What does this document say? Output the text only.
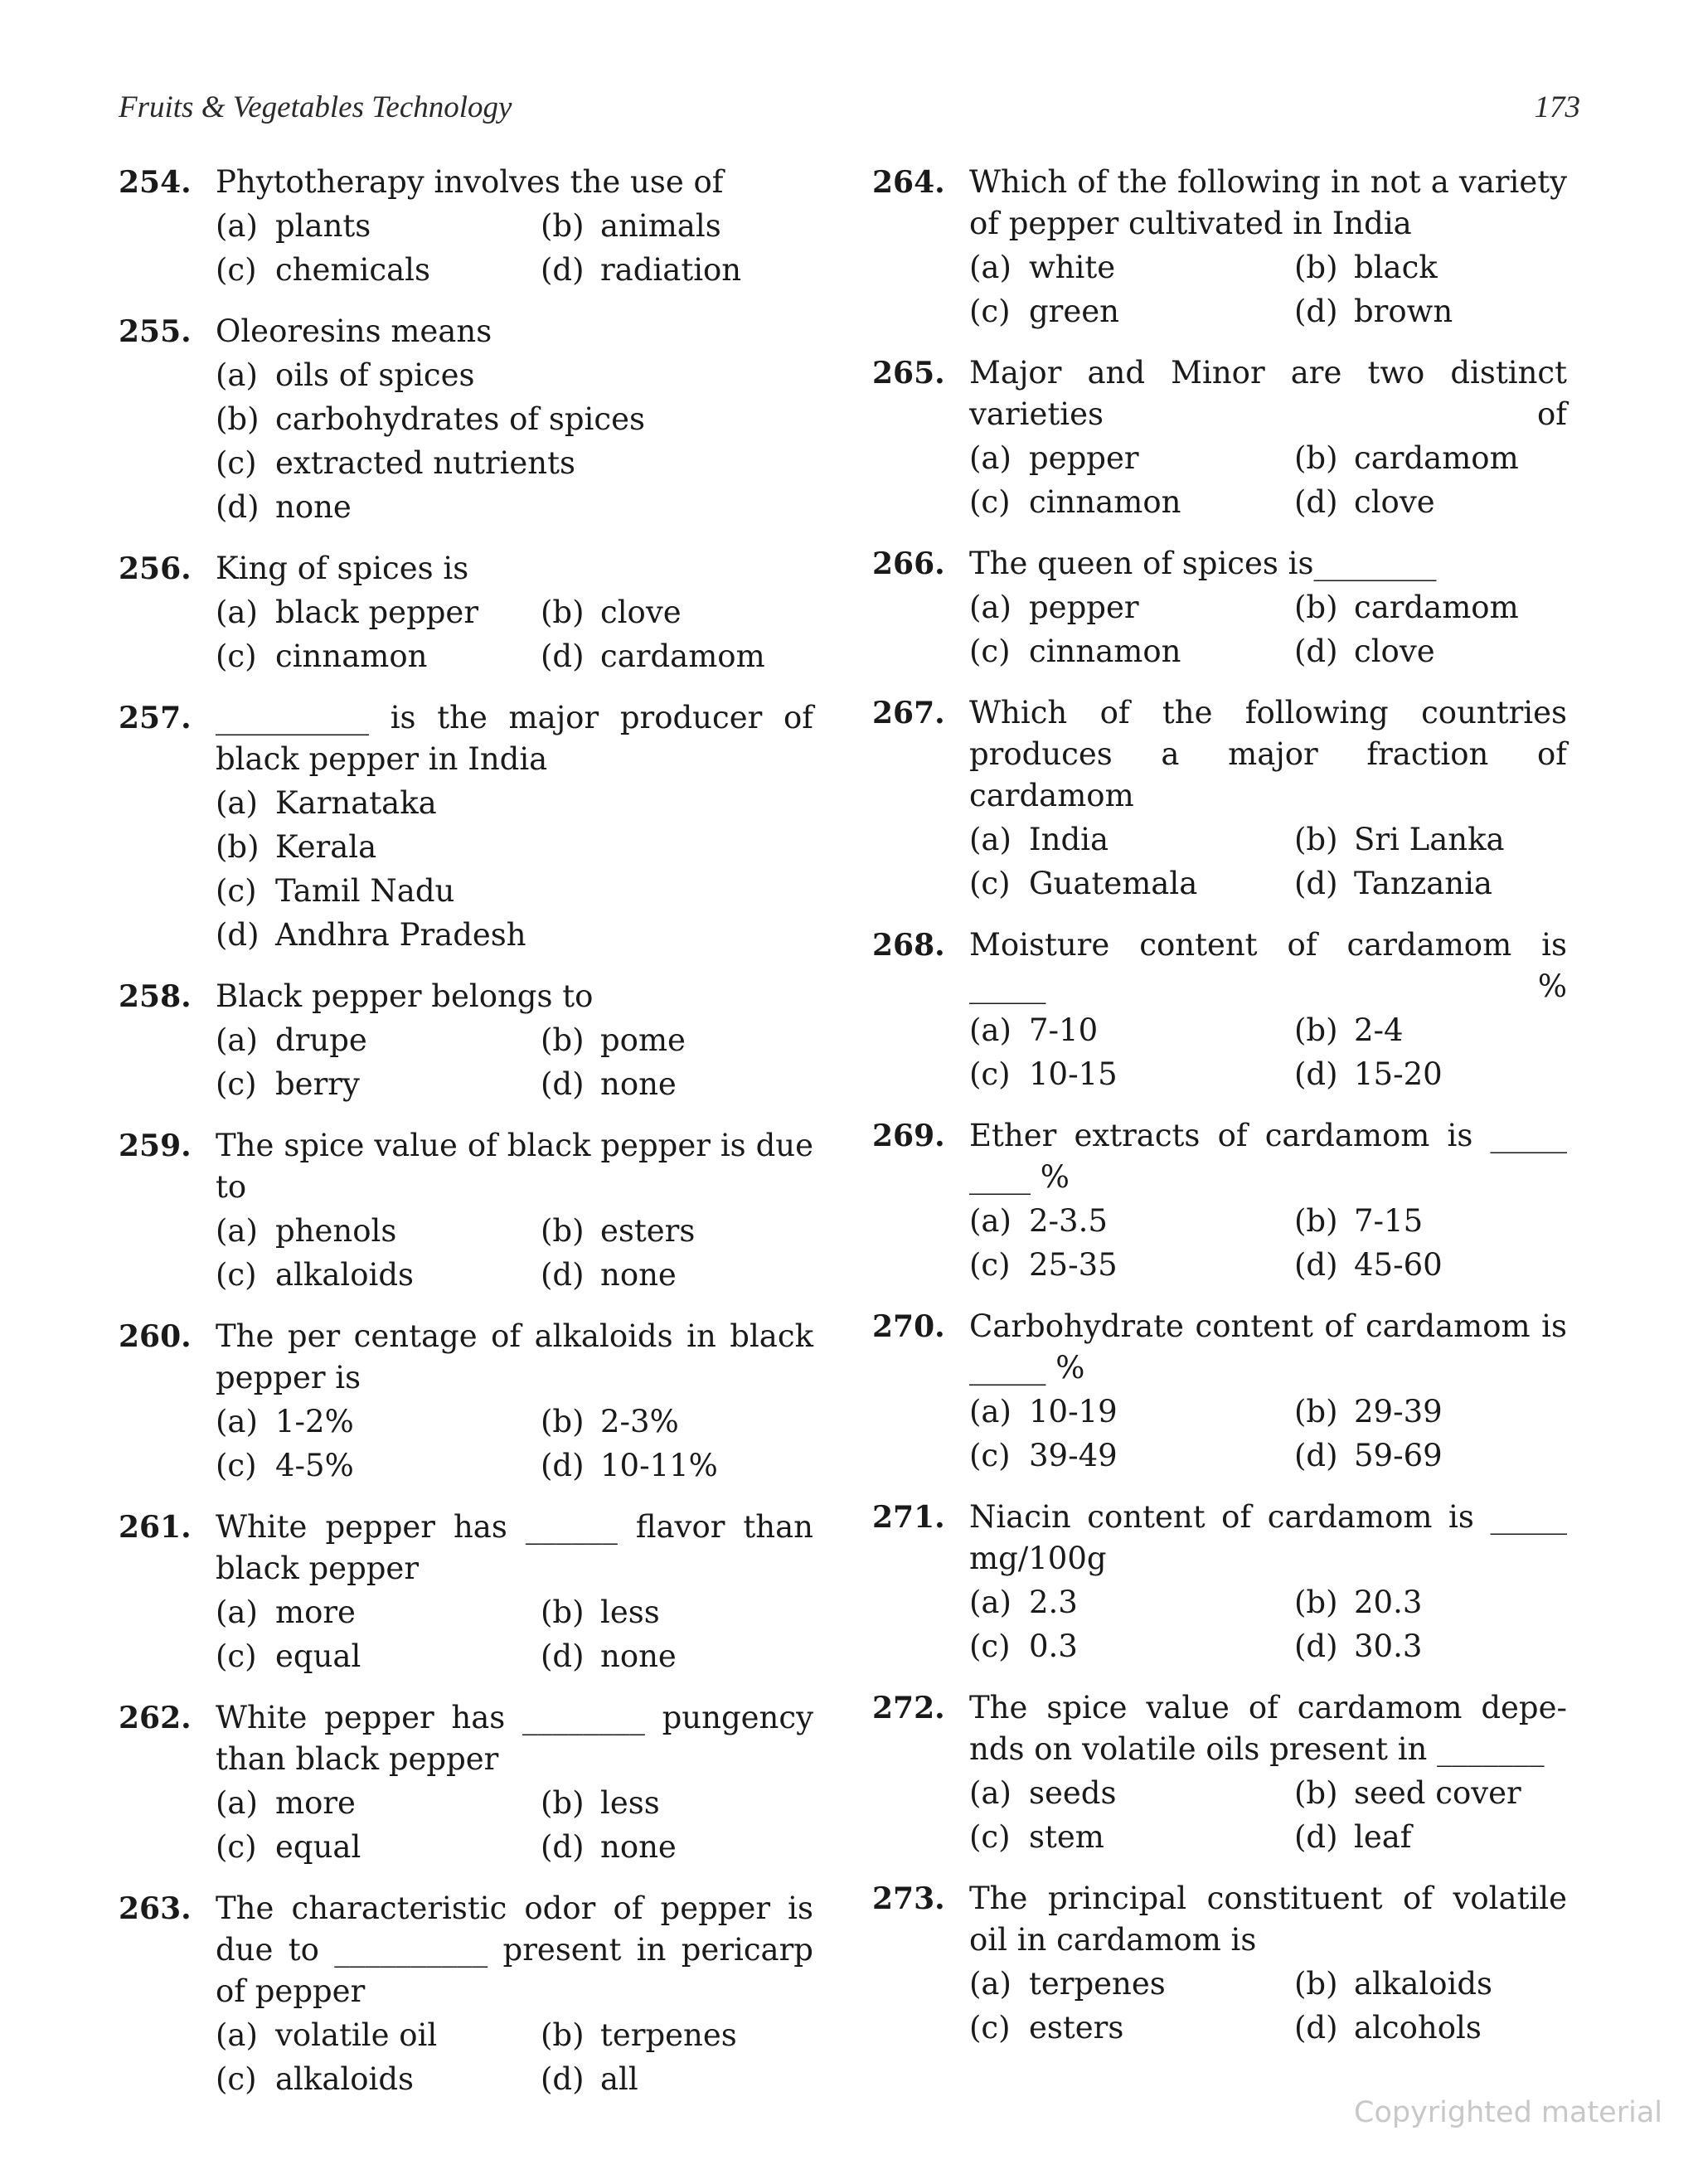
Fruits & Vegetables Technology	173
254. Phytotherapy involves the use of
(a) plants	(b) animals
(c) chemicals	(d) radiation
255. Oleoresins means
(a) oils of spices
(b) carbohydrates of spices
(c) extracted nutrients
(d) none
256. King of spices is
(a) black pepper	(b) clove
(c) cinnamon	(d) cardamom
257. __________ is the major producer of black pepper in India
(a) Karnataka
(b) Kerala
(c) Tamil Nadu
(d) Andhra Pradesh
258. Black pepper belongs to
(a) drupe	(b) pome
(c) berry	(d) none
259. The spice value of black pepper is due to
(a) phenols	(b) esters
(c) alkaloids	(d) none
260. The per centage of alkaloids in black pepper is
(a) 1-2%	(b) 2-3%
(c) 4-5%	(d) 10-11%
261. White pepper has ______ flavor than black pepper
(a) more	(b) less
(c) equal	(d) none
262. White pepper has ________ pungency than black pepper
(a) more	(b) less
(c) equal	(d) none
263. The characteristic odor of pepper is due to __________ present in pericarp of pepper
(a) volatile oil	(b) terpenes
(c) alkaloids	(d) all
264. Which of the following in not a variety of pepper cultivated in India
(a) white	(b) black
(c) green	(d) brown
265. Major and Minor are two distinct varieties of
(a) pepper	(b) cardamom
(c) cinnamon	(d) clove
266. The queen of spices is________
(a) pepper	(b) cardamom
(c) cinnamon	(d) clove
267. Which of the following countries produces a major fraction of cardamom
(a) India	(b) Sri Lanka
(c) Guatemala	(d) Tanzania
268. Moisture content of cardamom is _____ %
(a) 7-10	(b) 2-4
(c) 10-15	(d) 15-20
269. Ether extracts of cardamom is _____ ____ %
(a) 2-3.5	(b) 7-15
(c) 25-35	(d) 45-60
270. Carbohydrate content of cardamom is _____ %
(a) 10-19	(b) 29-39
(c) 39-49	(d) 59-69
271. Niacin content of cardamom is _____ mg/100g
(a) 2.3	(b) 20.3
(c) 0.3	(d) 30.3
272. The spice value of cardamom depe-nds on volatile oils present in _______
(a) seeds	(b) seed cover
(c) stem	(d) leaf
273. The principal constituent of volatile oil in cardamom is
(a) terpenes	(b) alkaloids
(c) esters	(d) alcohols
Copyrighted material
